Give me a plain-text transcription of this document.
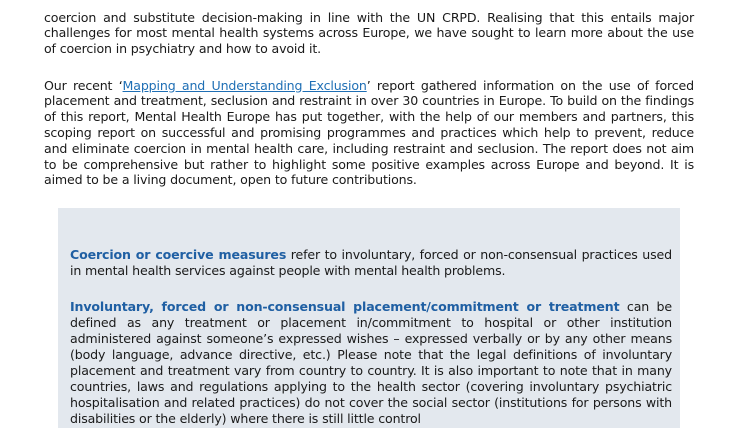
coercion and substitute decision-making in line with the UN CRPD. Realising that this entails major challenges for most mental health systems across Europe, we have sought to learn more about the use of coercion in psychiatry and how to avoid it.

Our recent ‘Mapping and Understanding Exclusion’ report gathered information on the use of forced placement and treatment, seclusion and restraint in over 30 countries in Europe. To build on the findings of this report, Mental Health Europe has put together, with the help of our members and partners, this scoping report on successful and promising programmes and practices which help to prevent, reduce and eliminate coercion in mental health care, including restraint and seclusion. The report does not aim to be comprehensive but rather to highlight some positive examples across Europe and beyond. It is aimed to be a living document, open to future contributions.

Coercion or coercive measures refer to involuntary, forced or non-consensual practices used in mental health services against people with mental health problems.

Involuntary, forced or non-consensual placement/commitment or treatment can be defined as any treatment or placement in/commitment to hospital or other institution administered against someone’s expressed wishes – expressed verbally or by any other means (body language, advance directive, etc.) Please note that the legal definitions of involuntary placement and treatment vary from country to country. It is also important to note that in many countries, laws and regulations applying to the health sector (covering involuntary psychiatric hospitalisation and related practices) do not cover the social sector (institutions for persons with disabilities or the elderly) where there is still little control
